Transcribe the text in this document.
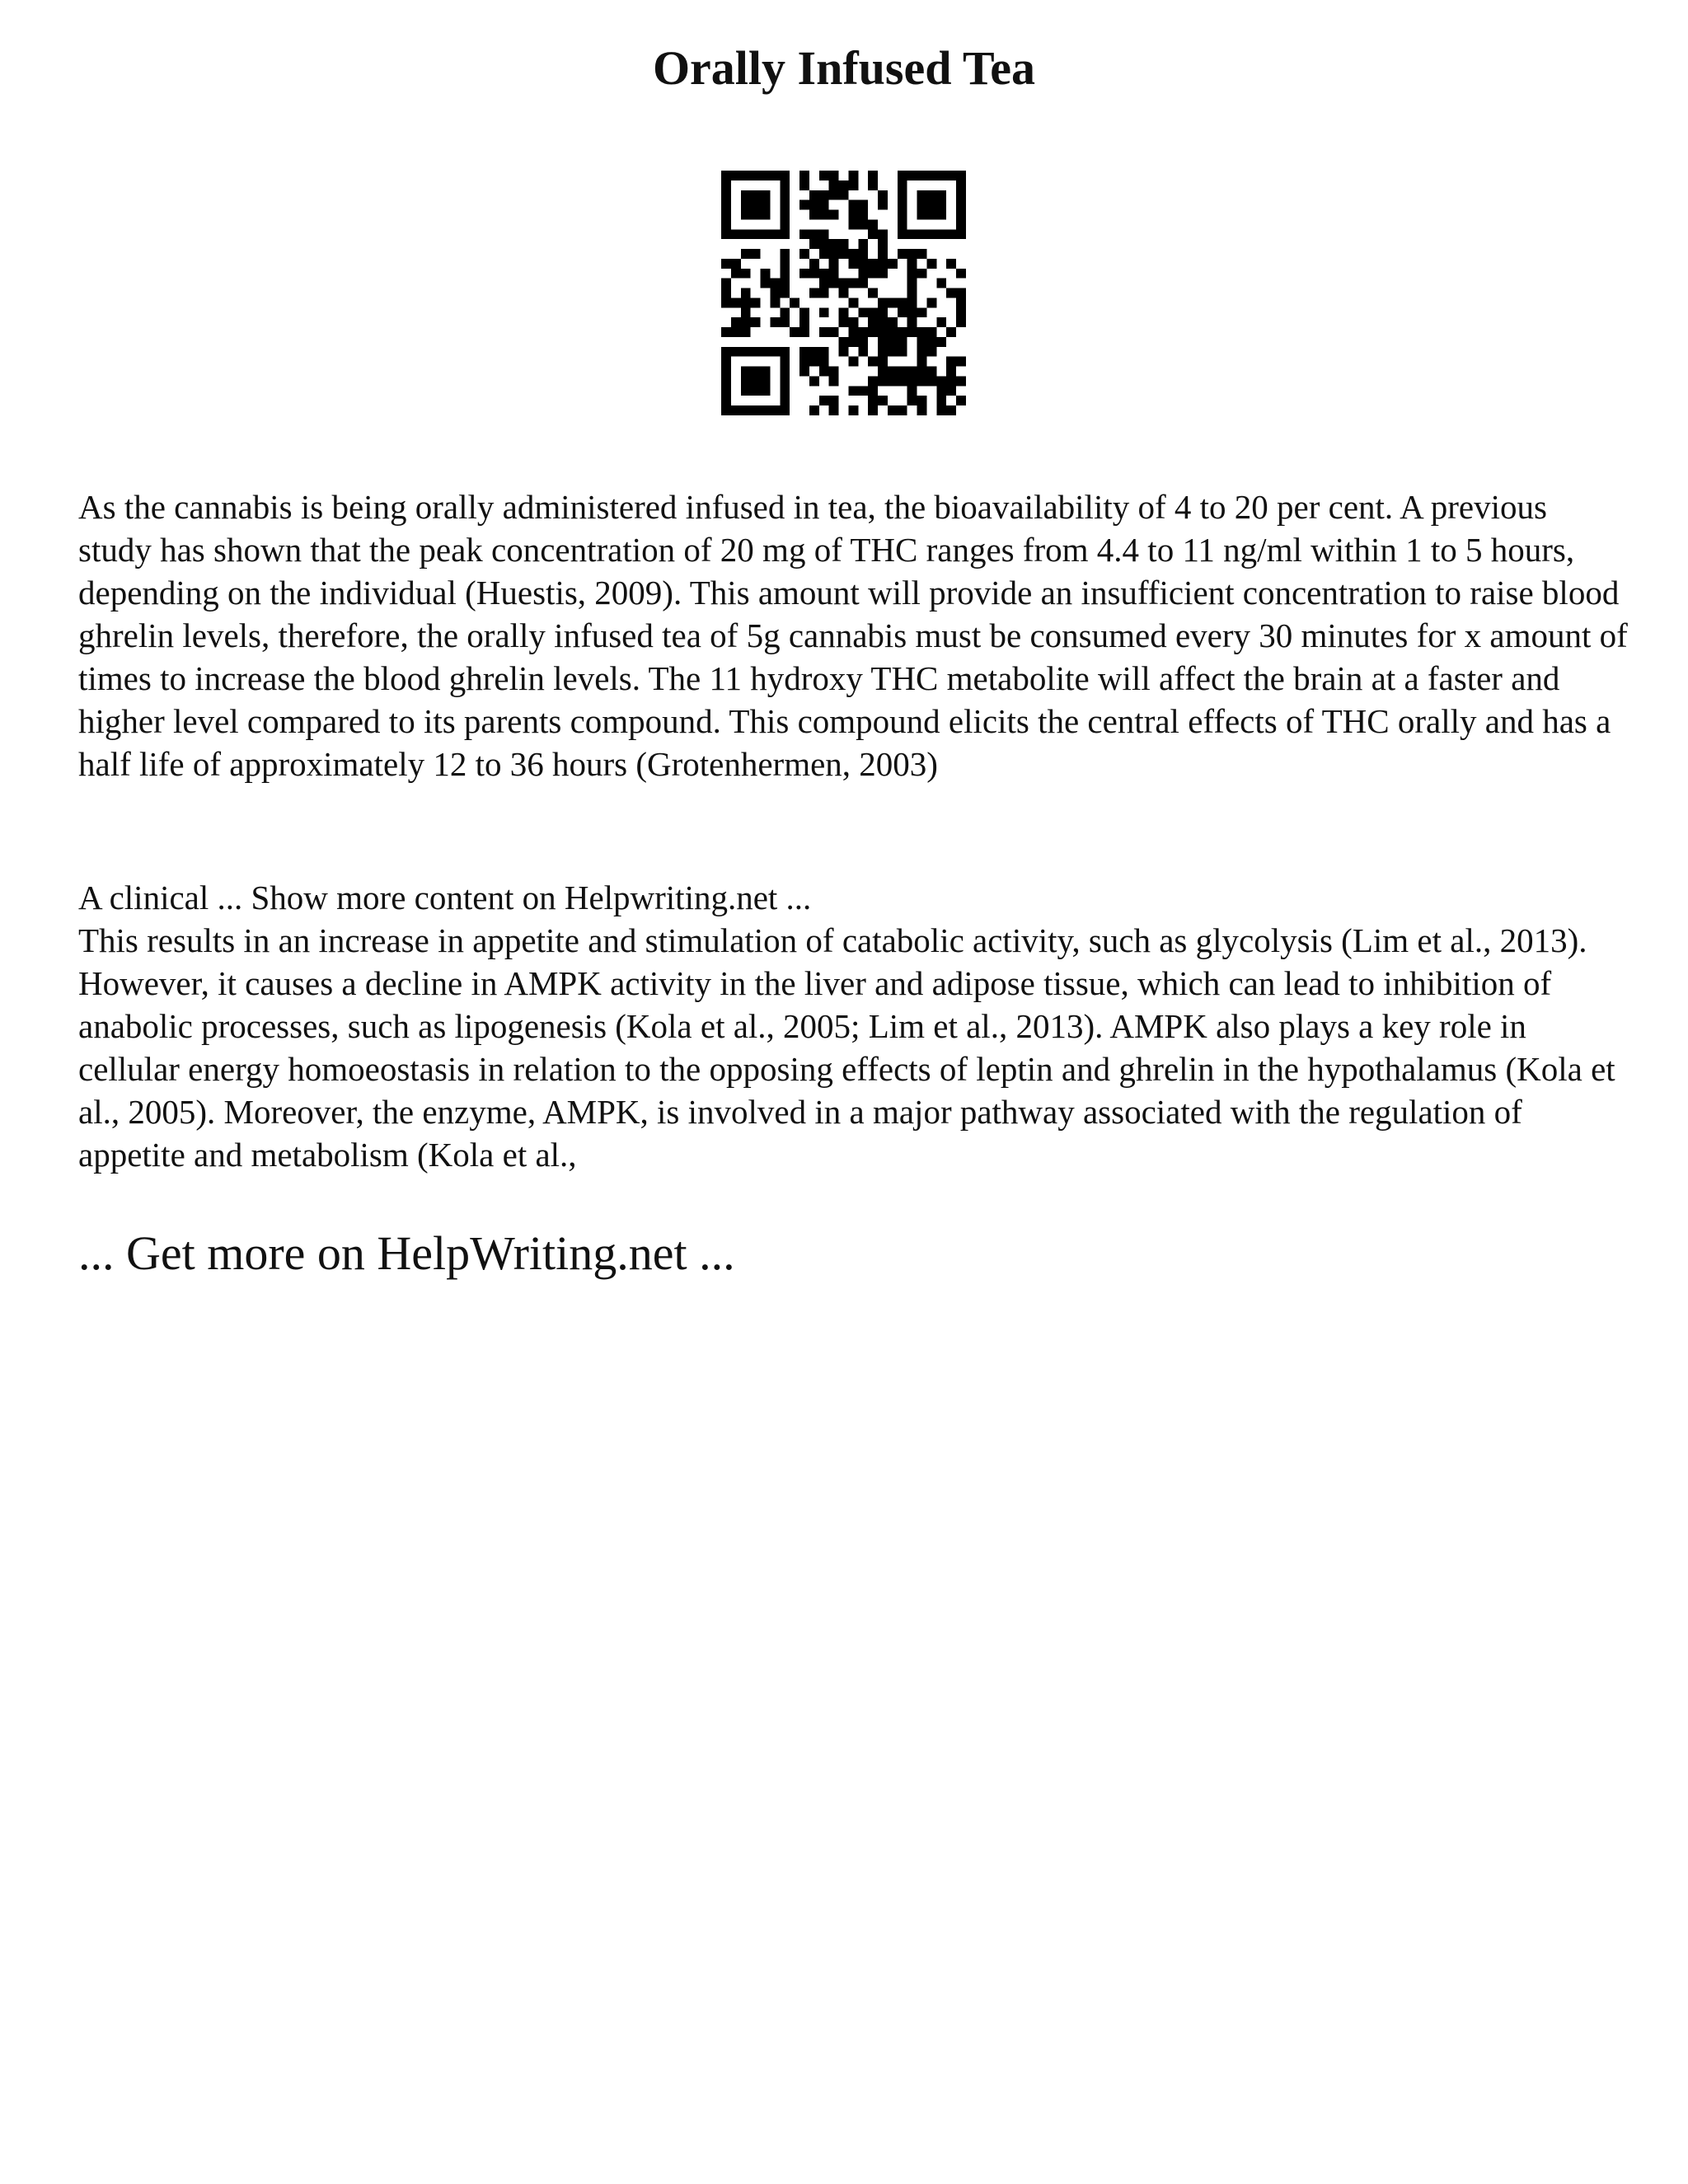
Orally Infused Tea

As the cannabis is being orally administered infused in tea, the bioavailability of 4 to 20 per cent. A previous study has shown that the peak concentration of 20 mg of THC ranges from 4.4 to 11 ng/ml within 1 to 5 hours, depending on the individual (Huestis, 2009). This amount will provide an insufficient concentration to raise blood ghrelin levels, therefore, the orally infused tea of 5g cannabis must be consumed every 30 minutes for x amount of times to increase the blood ghrelin levels. The 11 hydroxy THC metabolite will affect the brain at a faster and higher level compared to its parents compound. This compound elicits the central effects of THC orally and has a half life of approximately 12 to 36 hours (Grotenhermen, 2003)

A clinical ... Show more content on Helpwriting.net ...
This results in an increase in appetite and stimulation of catabolic activity, such as glycolysis (Lim et al., 2013). However, it causes a decline in AMPK activity in the liver and adipose tissue, which can lead to inhibition of anabolic processes, such as lipogenesis (Kola et al., 2005; Lim et al., 2013). AMPK also plays a key role in cellular energy homoeostasis in relation to the opposing effects of leptin and ghrelin in the hypothalamus (Kola et al., 2005). Moreover, the enzyme, AMPK, is involved in a major pathway associated with the regulation of appetite and metabolism (Kola et al.,

... Get more on HelpWriting.net ...
